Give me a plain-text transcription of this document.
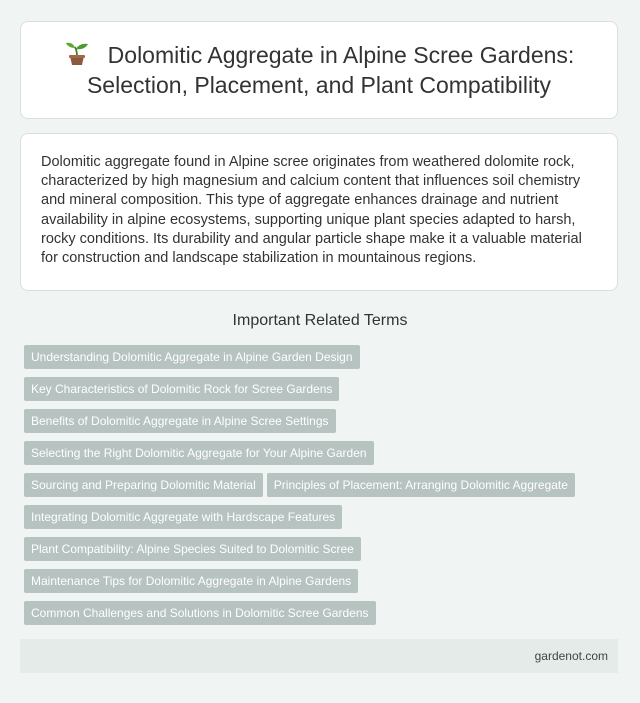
Dolomitic Aggregate in Alpine Scree Gardens: Selection, Placement, and Plant Compatibility

Dolomitic aggregate found in Alpine scree originates from weathered dolomite rock, characterized by high magnesium and calcium content that influences soil chemistry and mineral composition. This type of aggregate enhances drainage and nutrient availability in alpine ecosystems, supporting unique plant species adapted to harsh, rocky conditions. Its durability and angular particle shape make it a valuable material for construction and landscape stabilization in mountainous regions.

Important Related Terms
Understanding Dolomitic Aggregate in Alpine Garden Design
Key Characteristics of Dolomitic Rock for Scree Gardens
Benefits of Dolomitic Aggregate in Alpine Scree Settings
Selecting the Right Dolomitic Aggregate for Your Alpine Garden
Sourcing and Preparing Dolomitic Material Principles of Placement: Arranging Dolomitic Aggregate
Integrating Dolomitic Aggregate with Hardscape Features
Plant Compatibility: Alpine Species Suited to Dolomitic Scree
Maintenance Tips for Dolomitic Aggregate in Alpine Gardens
Common Challenges and Solutions in Dolomitic Scree Gardens
gardenot.com
